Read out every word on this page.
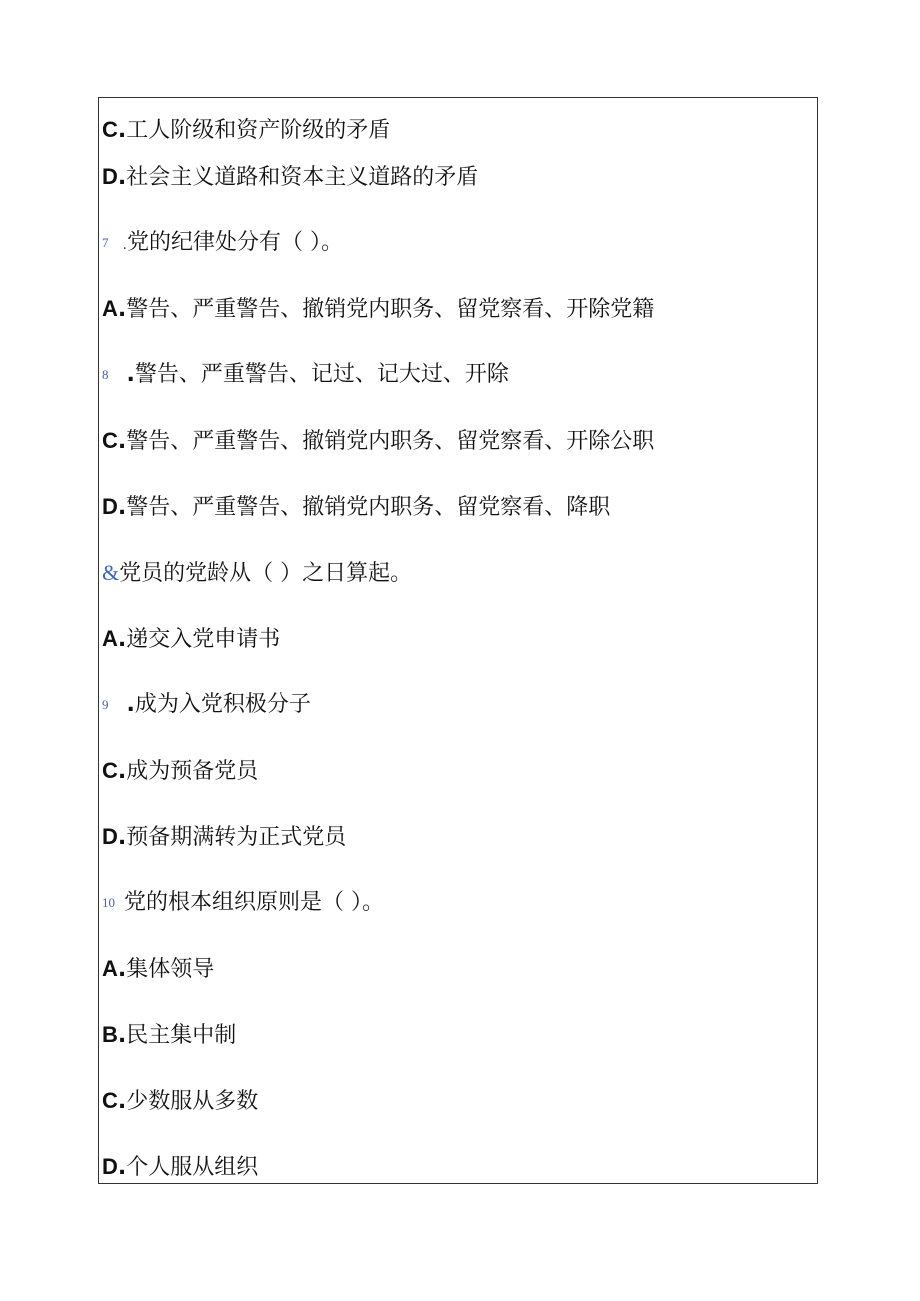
C.工人阶级和资产阶级的矛盾
D.社会主义道路和资本主义道路的矛盾
7 .党的纪律处分有（ ）。
A.警告、严重警告、撤销党内职务、留党察看、开除党籍
8 .警告、严重警告、记过、记大过、开除
C.警告、严重警告、撤销党内职务、留党察看、开除公职
D.警告、严重警告、撤销党内职务、留党察看、降职
&党员的党龄从（ ）之日算起。
A.递交入党申请书
9 .成为入党积极分子
C.成为预备党员
D.预备期满转为正式党员
10 党的根本组织原则是（ ）。
A.集体领导
B.民主集中制
C.少数服从多数
D.个人服从组织
